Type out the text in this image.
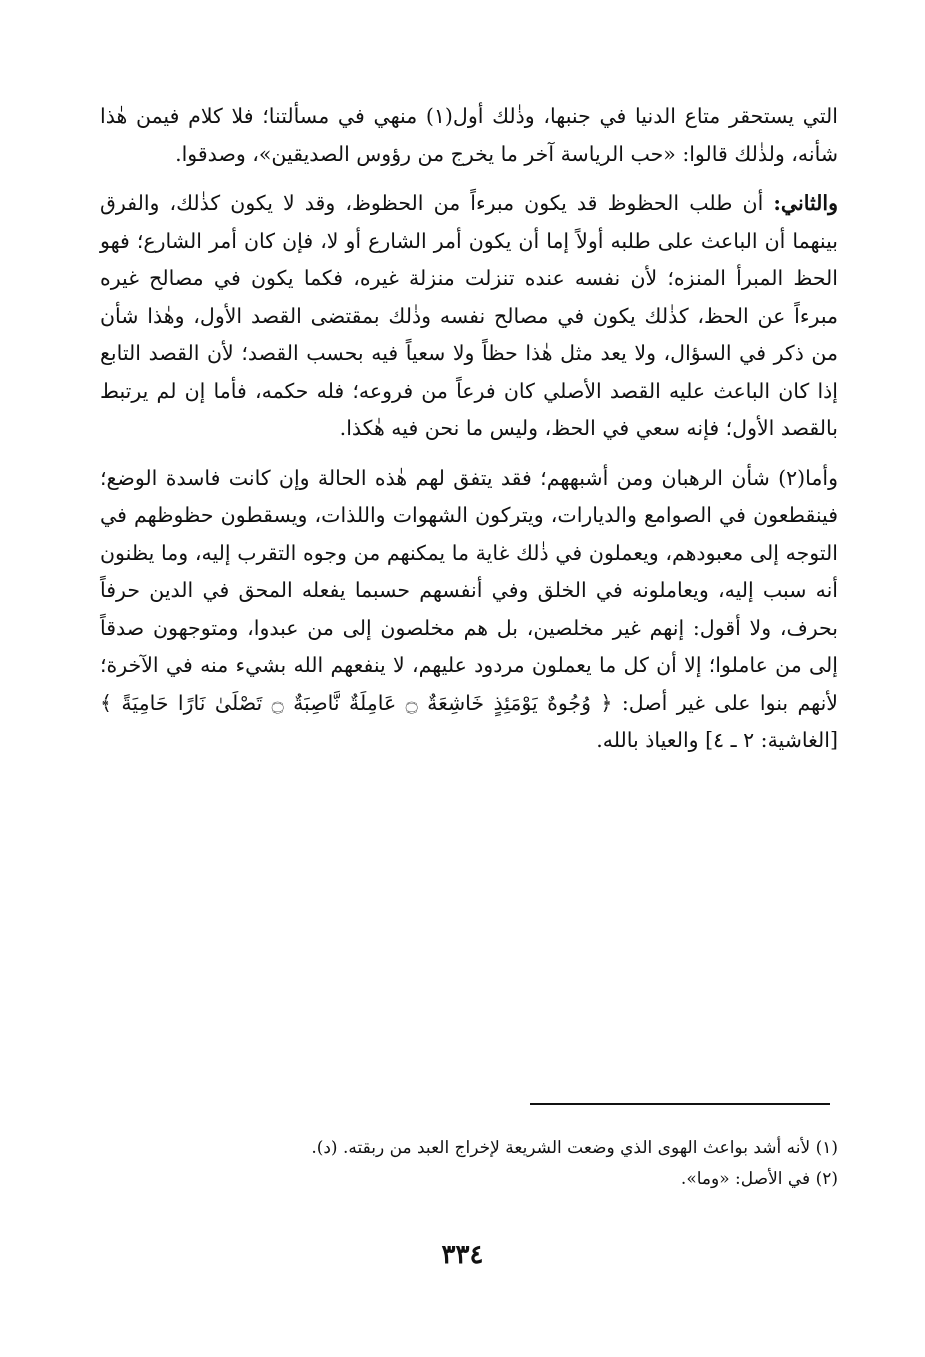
التي يستحقر متاع الدنيا في جنبها، وذٰلك أول(١) منهي في مسألتنا؛ فلا كلام فيمن هٰذا شأنه، ولذٰلك قالوا: «حب الرياسة آخر ما يخرج من رؤوس الصديقين»، وصدقوا.

والثاني: أن طلب الحظوظ قد يكون مبرءاً من الحظوظ، وقد لا يكون كذٰلك، والفرق بينهما أن الباعث على طلبه أولاً إما أن يكون أمر الشارع أو لا، فإن كان أمر الشارع؛ فهو الحظ المبرأ المنزه؛ لأن نفسه عنده تنزلت منزلة غيره، فكما يكون في مصالح غيره مبرءاً عن الحظ، كذٰلك يكون في مصالح نفسه وذٰلك بمقتضى القصد الأول، وهٰذا شأن من ذكر في السؤال، ولا يعد مثل هٰذا حظاً ولا سعياً فيه بحسب القصد؛ لأن القصد التابع إذا كان الباعث عليه القصد الأصلي كان فرعاً من فروعه؛ فله حكمه، فأما إن لم يرتبط بالقصد الأول؛ فإنه سعي في الحظ، وليس ما نحن فيه هٰكذا.

وأما(٢) شأن الرهبان ومن أشبههم؛ فقد يتفق لهم هٰذه الحالة وإن كانت فاسدة الوضع؛ فينقطعون في الصوامع والديارات، ويتركون الشهوات واللذات، ويسقطون حظوظهم في التوجه إلى معبودهم، ويعملون في ذٰلك غاية ما يمكنهم من وجوه التقرب إليه، وما يظنون أنه سبب إليه، ويعاملونه في الخلق وفي أنفسهم حسبما يفعله المحق في الدين حرفاً بحرف، ولا أقول: إنهم غير مخلصين، بل هم مخلصون إلى من عبدوا، ومتوجهون صدقاً إلى من عاملوا؛ إلا أن كل ما يعملون مردود عليهم، لا ينفعهم الله بشيء منه في الآخرة؛ لأنهم بنوا على غير أصل: ﴿ وُجُوهٌ يَوْمَئِذٍ خَاشِعَةٌ ۝ عَامِلَةٌ نَّاصِبَةٌ ۝ تَصْلَىٰ نَارًا حَامِيَةً ﴾ [الغاشية: ٢ ـ ٤] والعياذ بالله.

(١) لأنه أشد بواعث الهوى الذي وضعت الشريعة لإخراج العبد من ربقته. (د).

(٢) في الأصل: «وما».

٣٣٤
